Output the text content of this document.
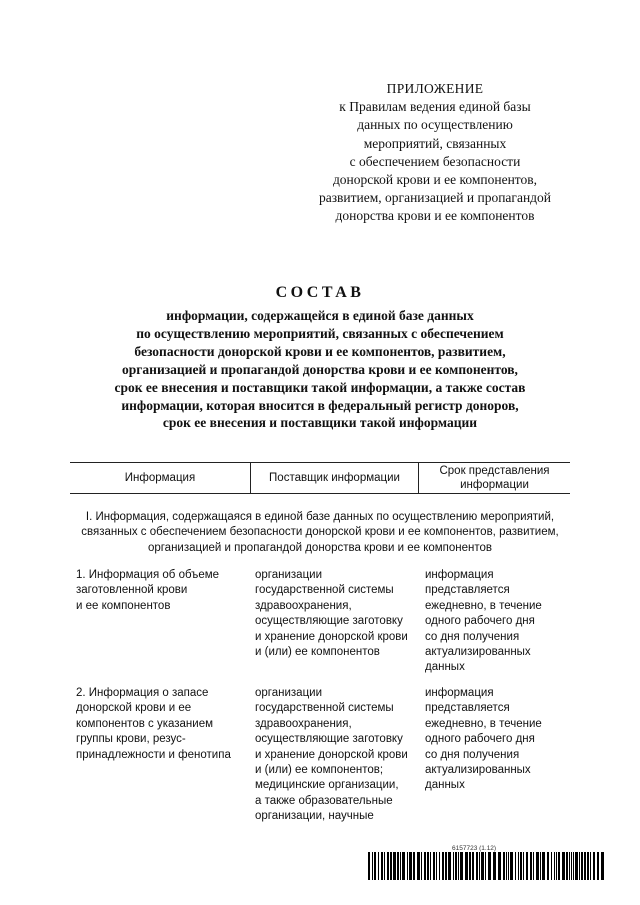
ПРИЛОЖЕНИЕ
к Правилам ведения единой базы
данных по осуществлению
мероприятий, связанных
с обеспечением безопасности
донорской крови и ее компонентов,
развитием, организацией и пропагандой
донорства крови и ее компонентов
СОСТАВ
информации, содержащейся в единой базе данных
по осуществлению мероприятий, связанных с обеспечением
безопасности донорской крови и ее компонентов, развитием,
организацией и пропагандой донорства крови и ее компонентов,
срок ее внесения и поставщики такой информации, а также состав
информации, которая вносится в федеральный регистр доноров,
срок ее внесения и поставщики такой информации
Информация	Поставщик информации
Срок представления
информации
I. Информация, содержащаяся в единой базе данных по осуществлению мероприятий,
связанных с обеспечением безопасности донорской крови и ее компонентов, развитием,
организацией и пропагандой донорства крови и ее компонентов
1. Информация об объеме
заготовленной крови
и ее компонентов
организации
государственной системы
здравоохранения,
осуществляющие заготовку
и хранение донорской крови
и (или) ее компонентов
информация
представляется
ежедневно, в течение
одного рабочего дня
со дня получения
актуализированных
данных
2. Информация о запасе
донорской крови и ее
компонентов с указанием
группы крови, резус-
принадлежности и фенотипа
организации
государственной системы
здравоохранения,
осуществляющие заготовку
и хранение донорской крови
и (или) ее компонентов;
медицинские организации,
а также образовательные
организации, научные
информация
представляется
ежедневно, в течение
одного рабочего дня
со дня получения
актуализированных
данных
6157723 (1.12)
